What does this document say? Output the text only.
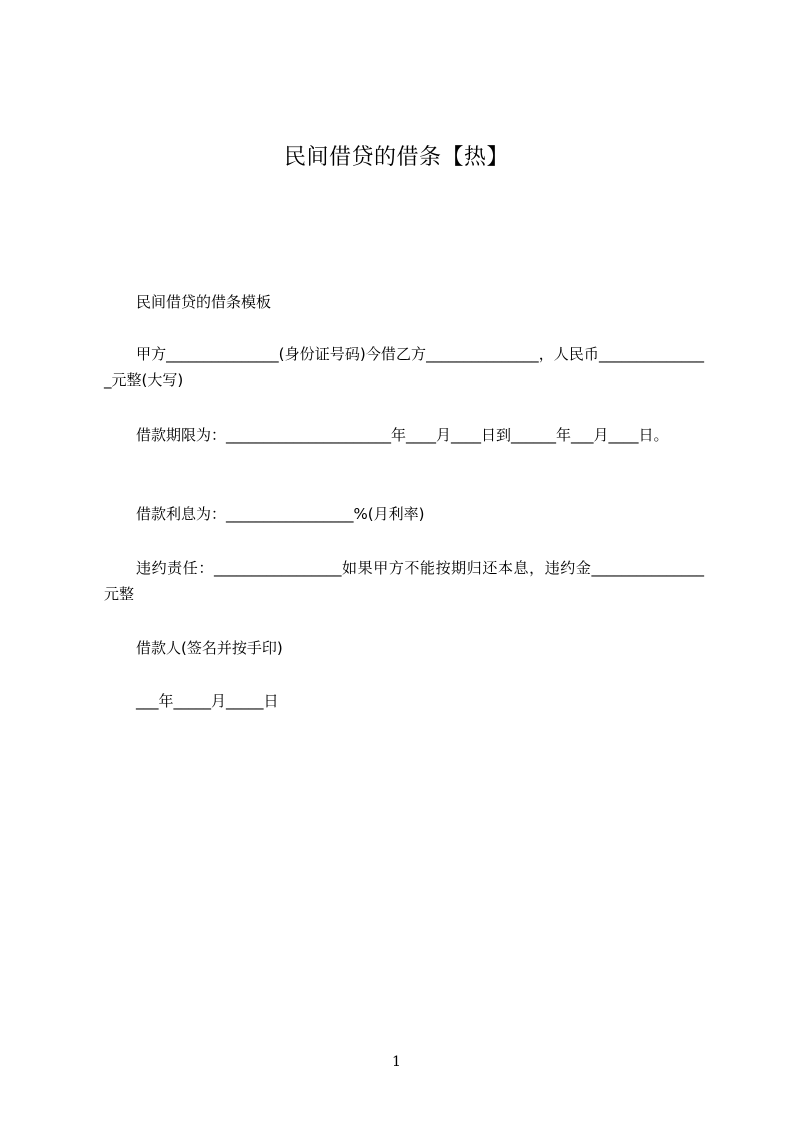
民间借贷的借条【热】
民间借贷的借条模板
甲方_______________(身份证号码)今借乙方_______________，人民币_______________元整(大写)
借款期限为：______________________年____月____日到______年___月____日。
借款利息为：_________________%(月利率)
违约责任：_________________如果甲方不能按期归还本息，违约金_______________元整
借款人(签名并按手印)
___年_____月_____日
1
